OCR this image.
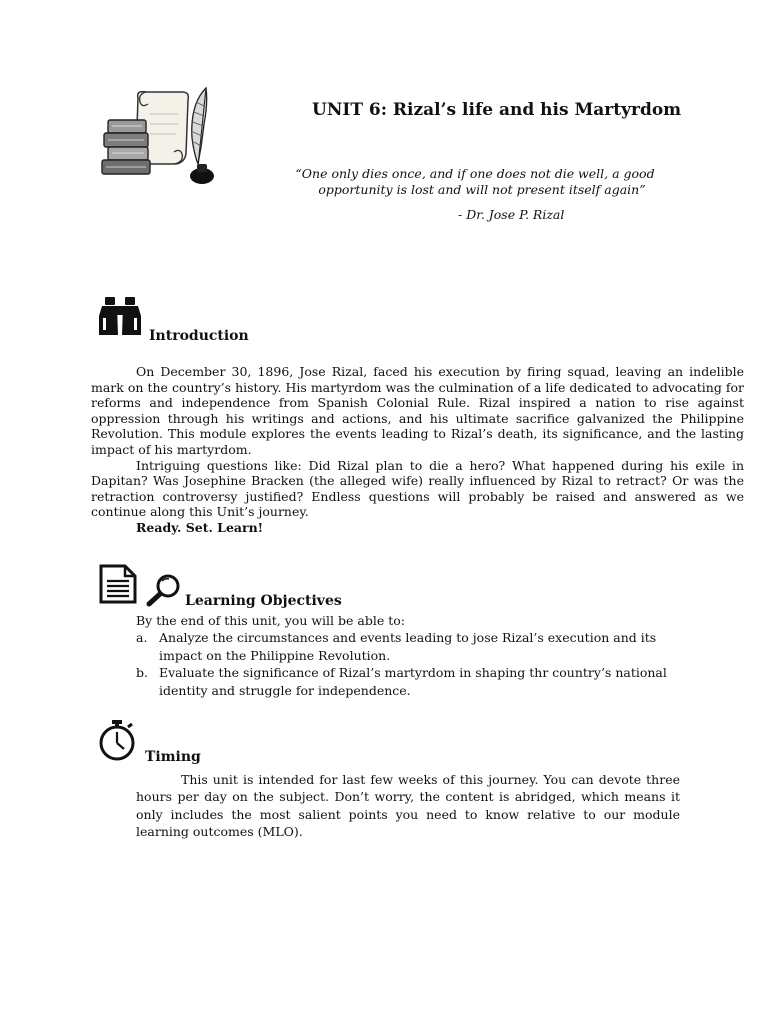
UNIT 6: Rizal’s life and his Martyrdom
“One only dies once, and if one does not die well, a good
opportunity is lost and will not present itself again”
- Dr. Jose P. Rizal
Introduction

On December 30, 1896, Jose Rizal, faced his execution by firing squad, leaving an indelible mark on the country’s history. His martyrdom was the culmination of a life dedicated to advocating for reforms and independence from Spanish Colonial Rule. Rizal inspired a nation to rise against oppression through his writings and actions, and his ultimate sacrifice galvanized the Philippine Revolution. This module explores the events leading to Rizal’s death, its significance, and the lasting impact of his martyrdom.

Intriguing questions like: Did Rizal plan to die a hero? What happened during his exile in Dapitan? Was Josephine Bracken (the alleged wife) really influenced by Rizal to retract? Or was the retraction controversy justified? Endless questions will probably be raised and answered as we continue along this Unit’s journey.

Ready. Set. Learn!

Learning Objectives
By the end of this unit, you will be able to:
a. Analyze the circumstances and events leading to jose Rizal’s execution and its impact on the Philippine Revolution.
b. Evaluate the significance of Rizal’s martyrdom in shaping thr country’s national identity and struggle for independence.
Timing

This unit is intended for last few weeks of this journey. You can devote three hours per day on the subject. Don’t worry, the content is abridged, which means it only includes the most salient points you need to know relative to our module learning outcomes (MLO).
